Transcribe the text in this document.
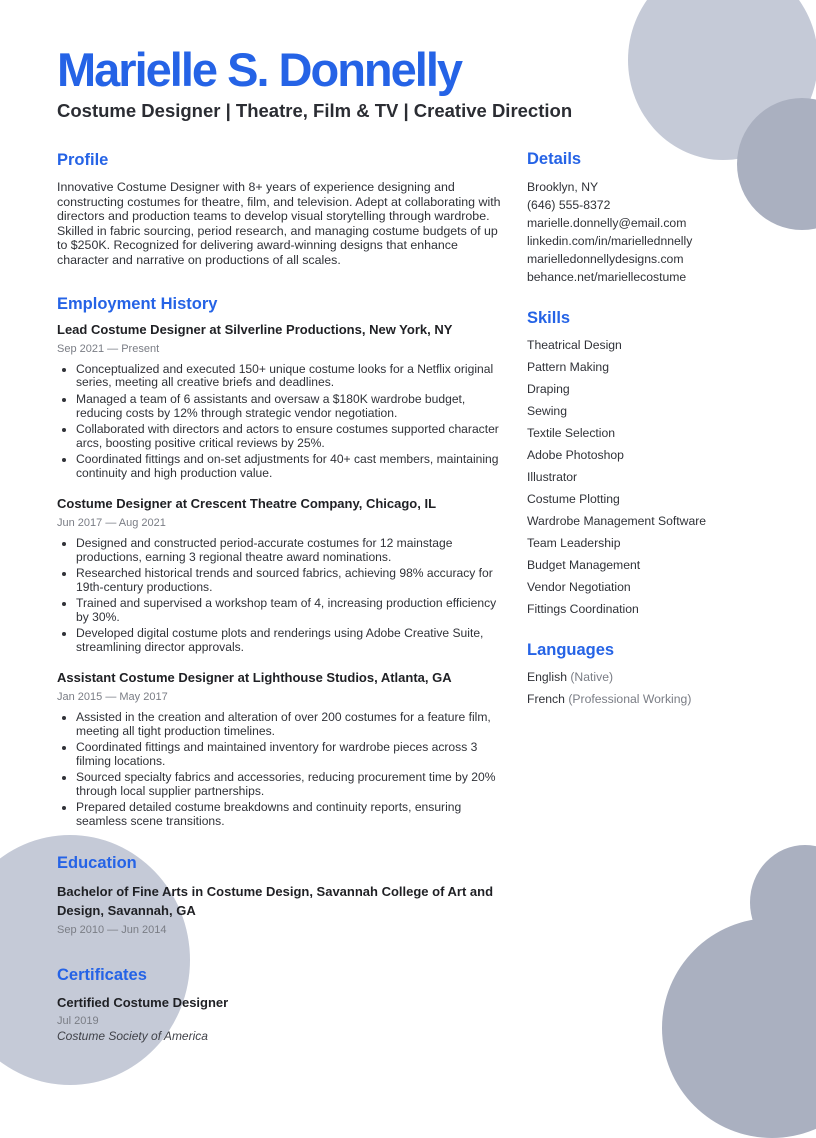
Marielle S. Donnelly
Costume Designer | Theatre, Film & TV | Creative Direction
Profile

Innovative Costume Designer with 8+ years of experience designing and constructing costumes for theatre, film, and television. Adept at collaborating with directors and production teams to develop visual storytelling through wardrobe. Skilled in fabric sourcing, period research, and managing costume budgets of up to $250K. Recognized for delivering award-winning designs that enhance character and narrative on productions of all scales.

Employment History
Lead Costume Designer at Silverline Productions, New York, NY
Sep 2021 — Present
• Conceptualized and executed 150+ unique costume looks for a Netflix original series, meeting all creative briefs and deadlines.
• Managed a team of 6 assistants and oversaw a $180K wardrobe budget, reducing costs by 12% through strategic vendor negotiation.
• Collaborated with directors and actors to ensure costumes supported character arcs, boosting positive critical reviews by 25%.
• Coordinated fittings and on-set adjustments for 40+ cast members, maintaining continuity and high production value.
Costume Designer at Crescent Theatre Company, Chicago, IL
Jun 2017 — Aug 2021
• Designed and constructed period-accurate costumes for 12 mainstage productions, earning 3 regional theatre award nominations.
• Researched historical trends and sourced fabrics, achieving 98% accuracy for 19th-century productions.
• Trained and supervised a workshop team of 4, increasing production efficiency by 30%.
• Developed digital costume plots and renderings using Adobe Creative Suite, streamlining director approvals.
Assistant Costume Designer at Lighthouse Studios, Atlanta, GA
Jan 2015 — May 2017
• Assisted in the creation and alteration of over 200 costumes for a feature film, meeting all tight production timelines.
• Coordinated fittings and maintained inventory for wardrobe pieces across 3 filming locations.
• Sourced specialty fabrics and accessories, reducing procurement time by 20% through local supplier partnerships.
• Prepared detailed costume breakdowns and continuity reports, ensuring seamless scene transitions.
Education
Bachelor of Fine Arts in Costume Design, Savannah College of Art and Design, Savannah, GA
Sep 2010 — Jun 2014
Certificates
Certified Costume Designer
Jul 2019
Costume Society of America
Details
Brooklyn, NY
(646) 555-8372
marielle.donnelly@email.com
linkedin.com/in/mariellednnelly
marielledonnellydesigns.com
behance.net/mariellecostume
Skills
Theatrical Design
Pattern Making
Draping
Sewing
Textile Selection
Adobe Photoshop
Illustrator
Costume Plotting
Wardrobe Management Software
Team Leadership
Budget Management
Vendor Negotiation
Fittings Coordination
Languages
English (Native)
French (Professional Working)
